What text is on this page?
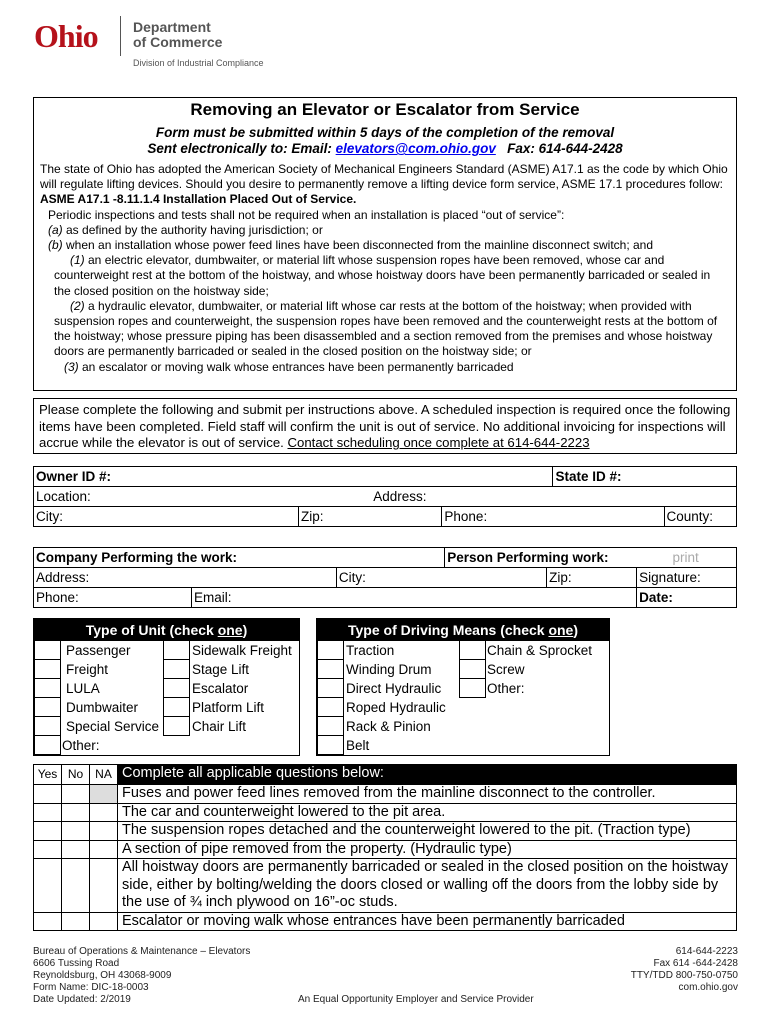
Ohio	Department
of Commerce
Division of Industrial Compliance
Removing an Elevator or Escalator from Service
Form must be submitted within 5 days of the completion of the removal
Sent electronically to: Email: elevators@com.ohio.gov Fax: 614-644-2428
The state of Ohio has adopted the American Society of Mechanical Engineers Standard (ASME) A17.1 as the code by which Ohio will regulate lifting devices. Should you desire to permanently remove a lifting device form service, ASME 17.1 procedures follow:
ASME A17.1 -8.11.1.4 Installation Placed Out of Service.
Periodic inspections and tests shall not be required when an installation is placed “out of service”:
(a) as defined by the authority having jurisdiction; or
(b) when an installation whose power feed lines have been disconnected from the mainline disconnect switch; and
(1) an electric elevator, dumbwaiter, or material lift whose suspension ropes have been removed, whose car and counterweight rest at the bottom of the hoistway, and whose hoistway doors have been permanently barricaded or sealed in the closed position on the hoistway side;
(2) a hydraulic elevator, dumbwaiter, or material lift whose car rests at the bottom of the hoistway; when provided with suspension ropes and counterweight, the suspension ropes have been removed and the counterweight rests at the bottom of the hoistway; whose pressure piping has been disassembled and a section removed from the premises and whose hoistway doors are permanently barricaded or sealed in the closed position on the hoistway side; or
(3) an escalator or moving walk whose entrances have been permanently barricaded
Please complete the following and submit per instructions above. A scheduled inspection is required once the following items have been completed. Field staff will confirm the unit is out of service. No additional invoicing for inspections will accrue while the elevator is out of service. Contact scheduling once complete at 614-644-2223
Owner ID #:				State ID #:	
Location:		Address:			
City:	Zip:		Phone:		County:
Company Performing the work:			Person Performing work: print		
Address:		City:		Zip:	Signature:
Phone:	Email:				Date:
Type of Unit (check one)
Passenger
Freight
LULA
Dumbwaiter
Special Service
Other:
Sidewalk Freight
Stage Lift
Escalator
Platform Lift
Chair Lift
Type of Driving Means (check one)
Traction
Winding Drum
Direct Hydraulic
Roped Hydraulic
Rack & Pinion
Belt
Chain & Sprocket
Screw
Other:
Yes	No	NA	Complete all applicable questions below:
			Fuses and power feed lines removed from the mainline disconnect to the controller.
			The car and counterweight lowered to the pit area.
			The suspension ropes detached and the counterweight lowered to the pit. (Traction type)
			A section of pipe removed from the property. (Hydraulic type)
			All hoistway doors are permanently barricaded or sealed in the closed position on the hoistway side, either by bolting/welding the doors closed or walling off the doors from the lobby side by the use of ¾ inch plywood on 16”-oc studs.
			Escalator or moving walk whose entrances have been permanently barricaded
Bureau of Operations & Maintenance – Elevators
6606 Tussing Road
Reynoldsburg, OH 43068-9009
Form Name: DIC-18-0003
Date Updated: 2/2019	An Equal Opportunity Employer and Service Provider
614-644-2223
Fax 614 -644-2428
TTY/TDD 800-750-0750
com.ohio.gov
